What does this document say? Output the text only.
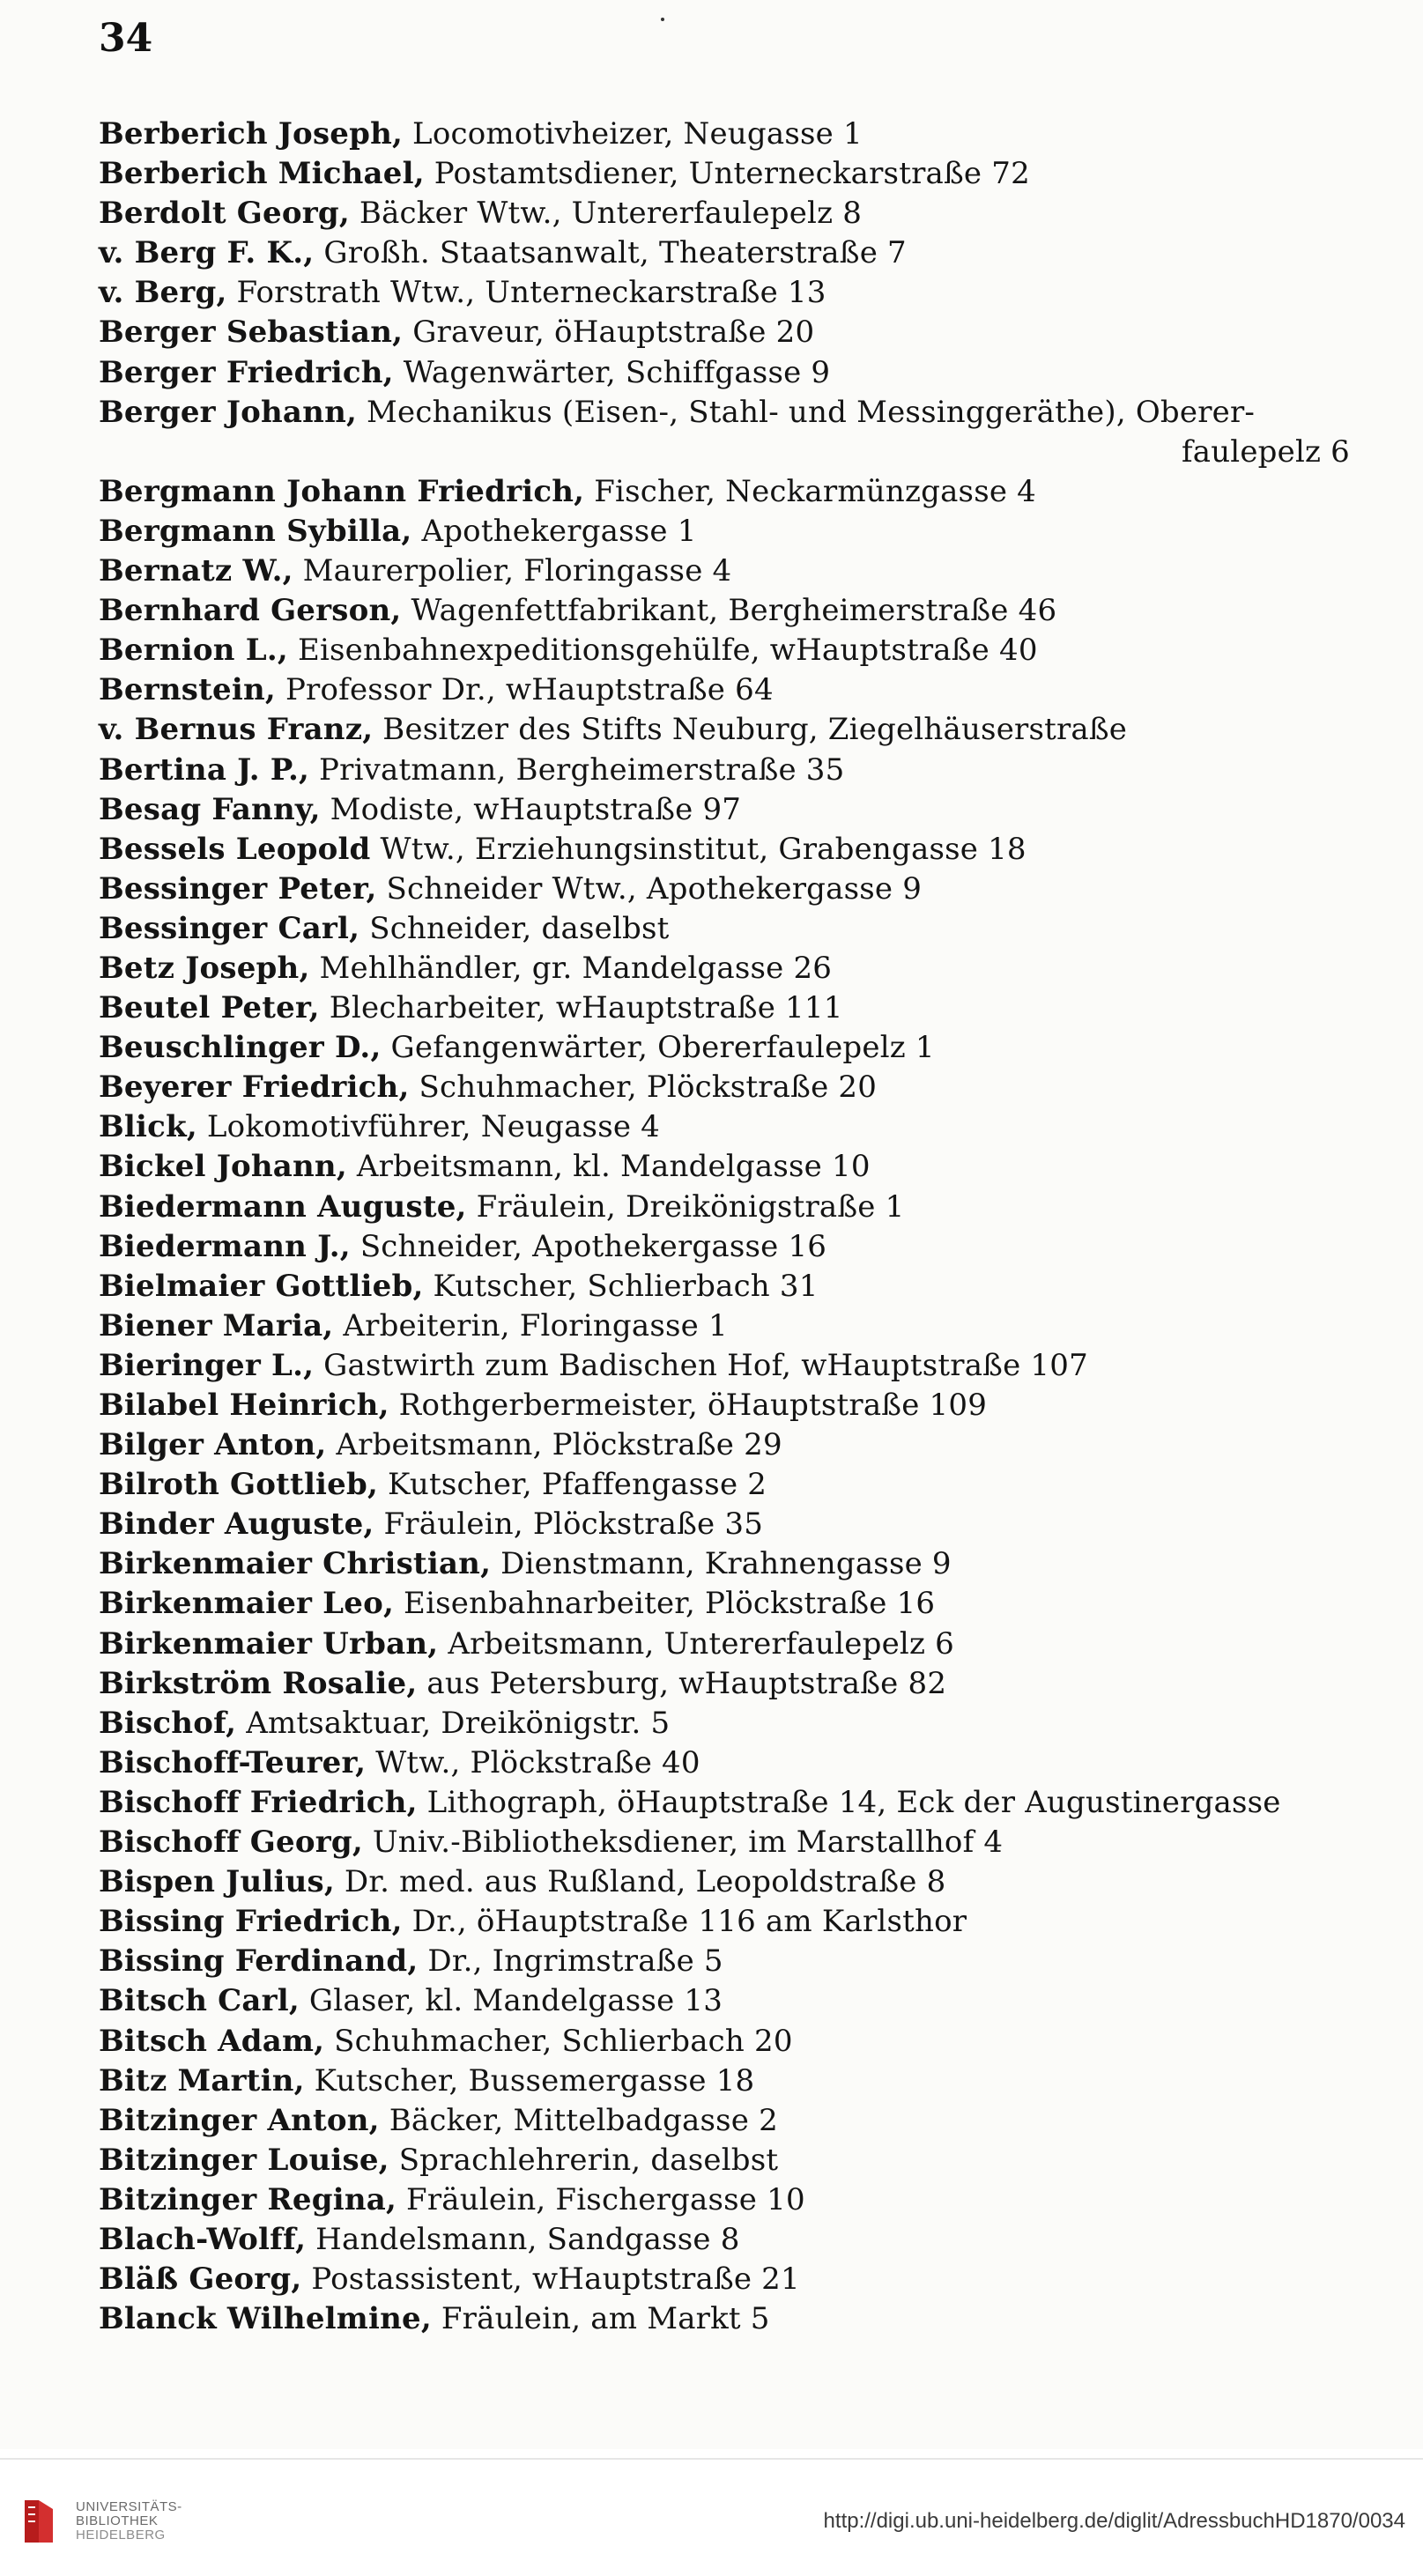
34
Berberich Joseph, Locomotivheizer, Neugasse 1
Berberich Michael, Postamtsdiener, Unterneckarstraße 72
Berdolt Georg, Bäcker Wtw., Untererfaulepelz 8
v. Berg F. K., Großh. Staatsanwalt, Theaterstraße 7
v. Berg, Forstrath Wtw., Unterneckarstraße 13
Berger Sebastian, Graveur, öHauptstraße 20
Berger Friedrich, Wagenwärter, Schiffgasse 9
Berger Johann, Mechanikus (Eisen-, Stahl- und Messinggeräthe), Oberer-
faulepelz 6
Bergmann Johann Friedrich, Fischer, Neckarmünzgasse 4
Bergmann Sybilla, Apothekergasse 1
Bernatz W., Maurerpolier, Floringasse 4
Bernhard Gerson, Wagenfettfabrikant, Bergheimerstraße 46
Bernion L., Eisenbahnexpeditionsgehülfe, wHauptstraße 40
Bernstein, Professor Dr., wHauptstraße 64
v. Bernus Franz, Besitzer des Stifts Neuburg, Ziegelhäuserstraße
Bertina J. P., Privatmann, Bergheimerstraße 35
Besag Fanny, Modiste, wHauptstraße 97
Bessels Leopold Wtw., Erziehungsinstitut, Grabengasse 18
Bessinger Peter, Schneider Wtw., Apothekergasse 9
Bessinger Carl, Schneider, daselbst
Betz Joseph, Mehlhändler, gr. Mandelgasse 26
Beutel Peter, Blecharbeiter, wHauptstraße 111
Beuschlinger D., Gefangenwärter, Obererfaulepelz 1
Beyerer Friedrich, Schuhmacher, Plöckstraße 20
Blick, Lokomotivführer, Neugasse 4
Bickel Johann, Arbeitsmann, kl. Mandelgasse 10
Biedermann Auguste, Fräulein, Dreikönigstraße 1
Biedermann J., Schneider, Apothekergasse 16
Bielmaier Gottlieb, Kutscher, Schlierbach 31
Biener Maria, Arbeiterin, Floringasse 1
Bieringer L., Gastwirth zum Badischen Hof, wHauptstraße 107
Bilabel Heinrich, Rothgerbermeister, öHauptstraße 109
Bilger Anton, Arbeitsmann, Plöckstraße 29
Bilroth Gottlieb, Kutscher, Pfaffengasse 2
Binder Auguste, Fräulein, Plöckstraße 35
Birkenmaier Christian, Dienstmann, Krahnengasse 9
Birkenmaier Leo, Eisenbahnarbeiter, Plöckstraße 16
Birkenmaier Urban, Arbeitsmann, Untererfaulepelz 6
Birkström Rosalie, aus Petersburg, wHauptstraße 82
Bischof, Amtsaktuar, Dreikönigstr. 5
Bischoff-Teurer, Wtw., Plöckstraße 40
Bischoff Friedrich, Lithograph, öHauptstraße 14, Eck der Augustinergasse
Bischoff Georg, Univ.-Bibliotheksdiener, im Marstallhof 4
Bispen Julius, Dr. med. aus Rußland, Leopoldstraße 8
Bissing Friedrich, Dr., öHauptstraße 116 am Karlsthor
Bissing Ferdinand, Dr., Ingrimstraße 5
Bitsch Carl, Glaser, kl. Mandelgasse 13
Bitsch Adam, Schuhmacher, Schlierbach 20
Bitz Martin, Kutscher, Bussemergasse 18
Bitzinger Anton, Bäcker, Mittelbadgasse 2
Bitzinger Louise, Sprachlehrerin, daselbst
Bitzinger Regina, Fräulein, Fischergasse 10
Blach-Wolff, Handelsmann, Sandgasse 8
Bläß Georg, Postassistent, wHauptstraße 21
Blanck Wilhelmine, Fräulein, am Markt 5
UNIVERSITÄTS-
BIBLIOTHEK
HEIDELBERG
http://digi.ub.uni-heidelberg.de/diglit/AdressbuchHD1870/0034
